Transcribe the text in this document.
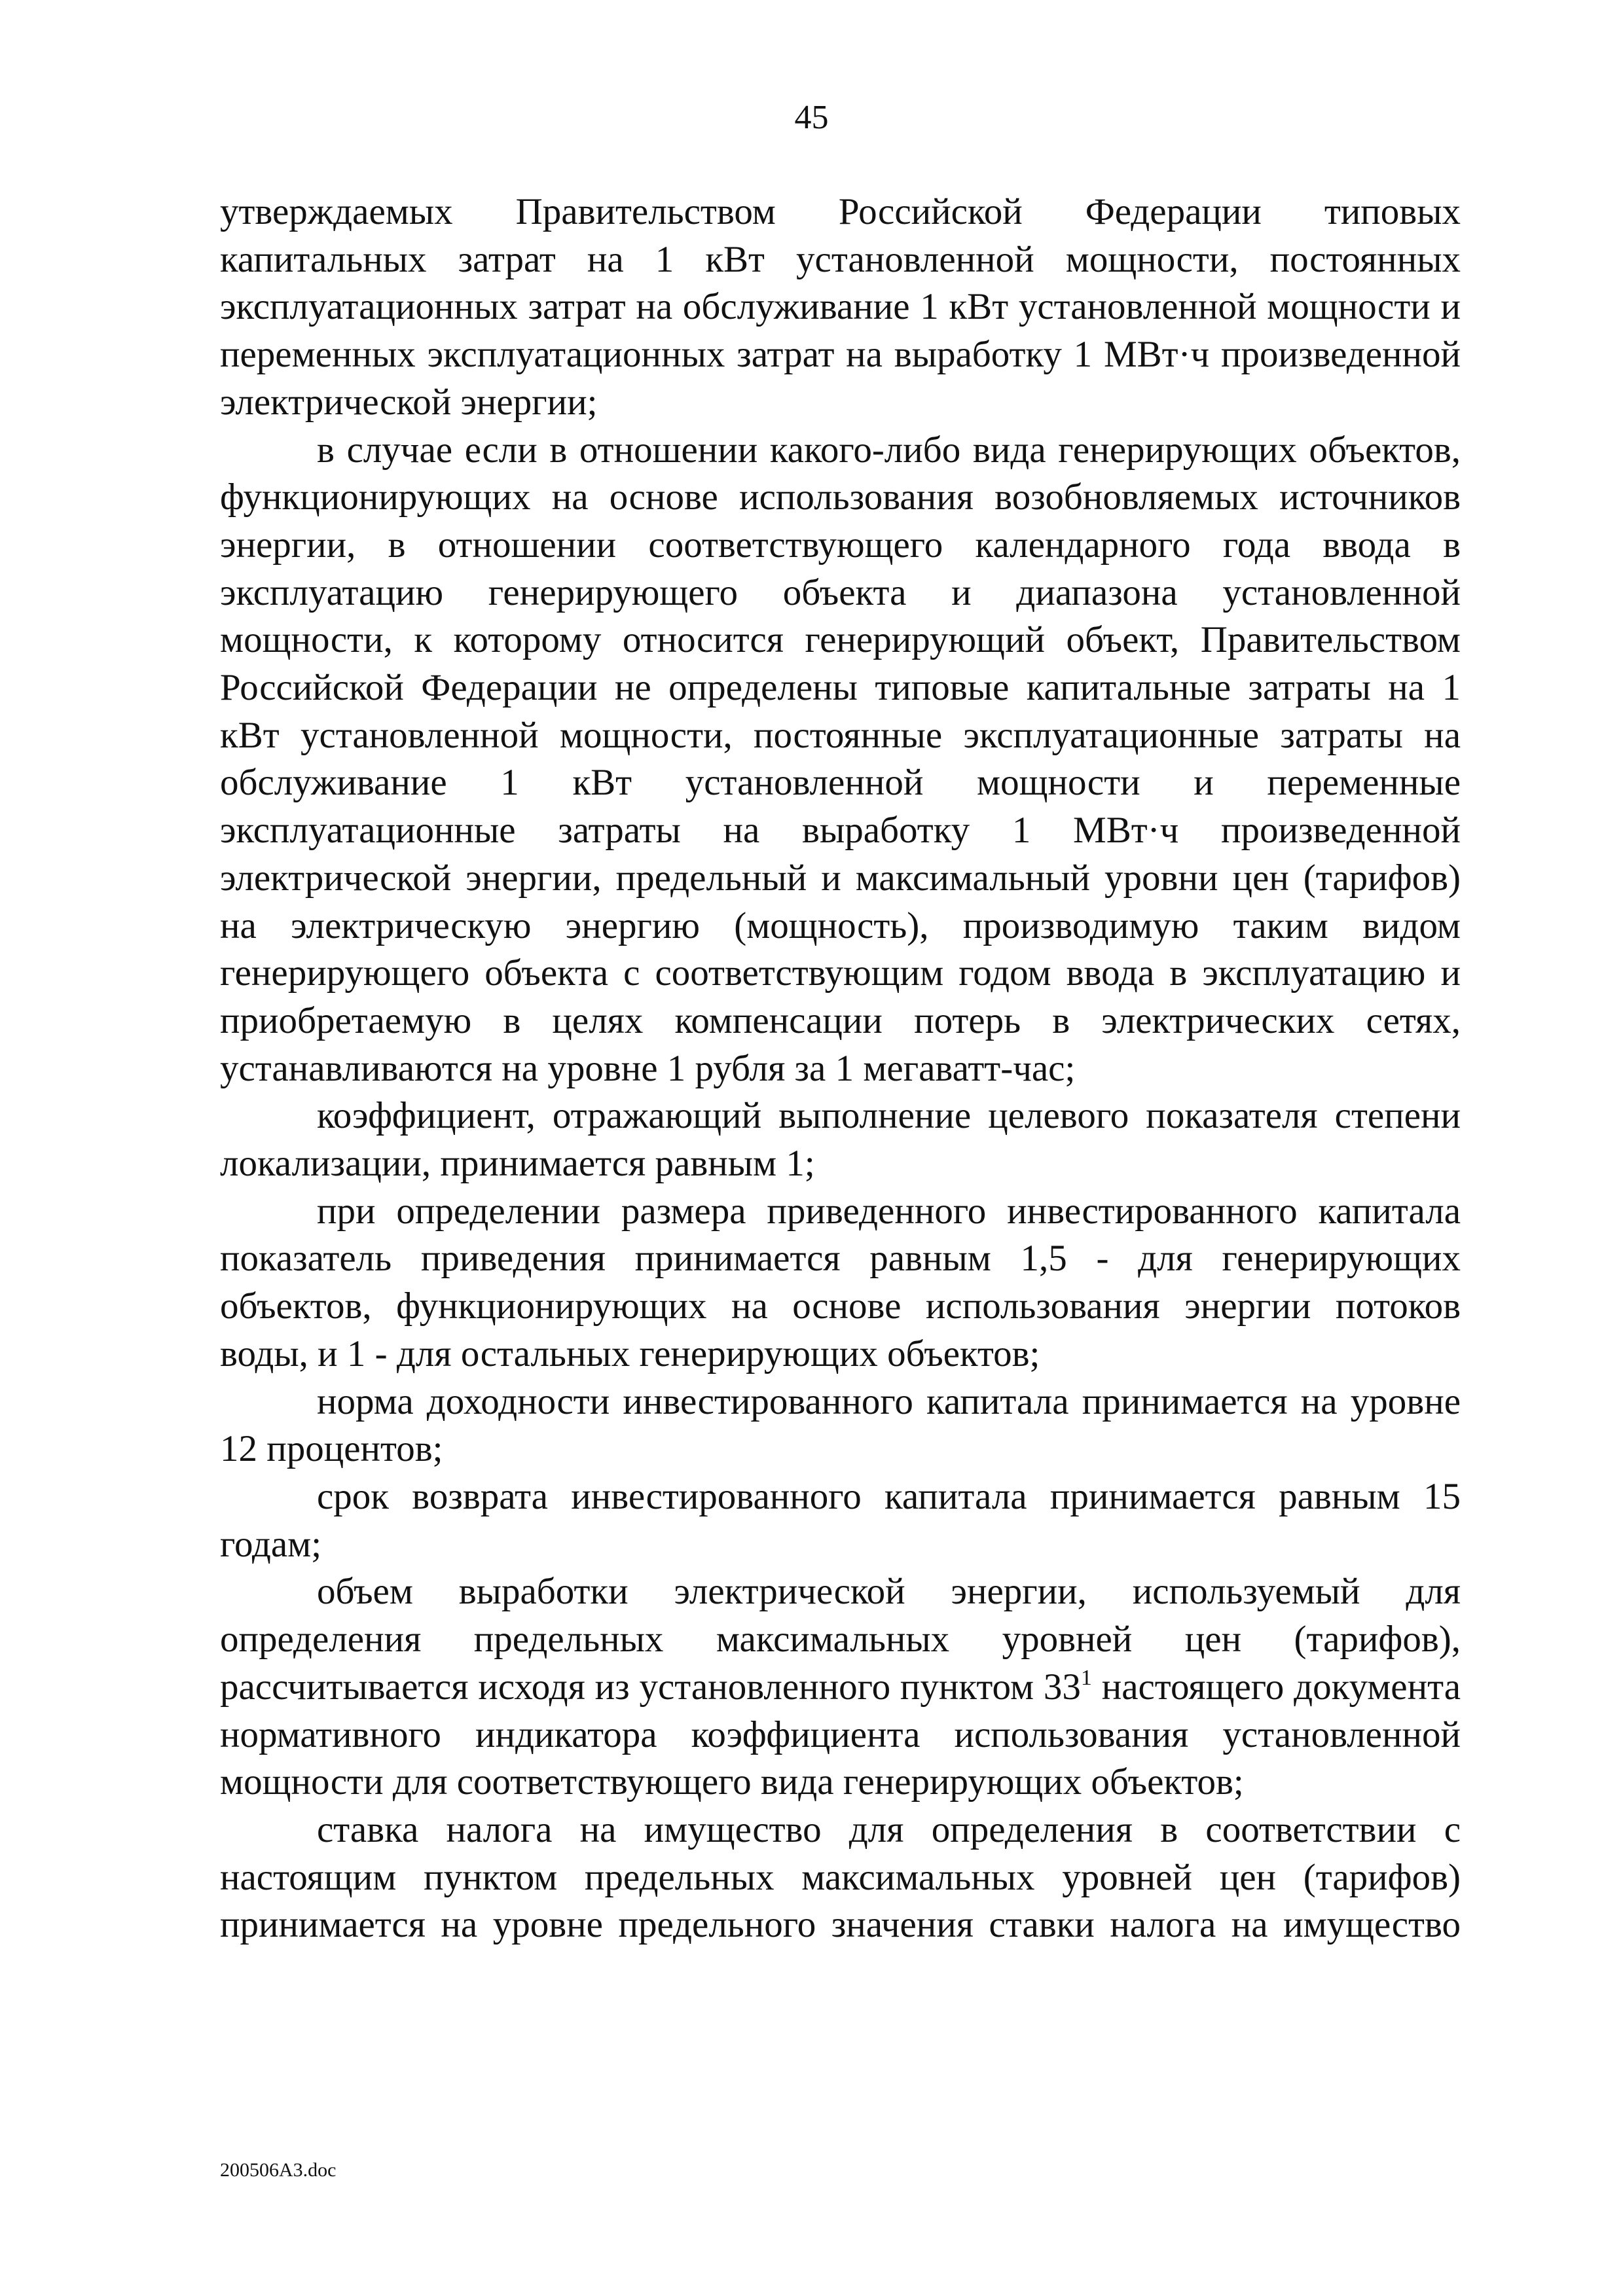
45

утверждаемых Правительством Российской Федерации типовых капитальных затрат на 1 кВт установленной мощности, постоянных эксплуатационных затрат на обслуживание 1 кВт установленной мощности и переменных эксплуатационных затрат на выработку 1 МВт·ч произведенной электрической энергии;

в случае если в отношении какого-либо вида генерирующих объектов, функционирующих на основе использования возобновляемых источников энергии, в отношении соответствующего календарного года ввода в эксплуатацию генерирующего объекта и диапазона установленной мощности, к которому относится генерирующий объект, Правительством Российской Федерации не определены типовые капитальные затраты на 1 кВт установленной мощности, постоянные эксплуатационные затраты на обслуживание 1 кВт установленной мощности и переменные эксплуатационные затраты на выработку 1 МВт·ч произведенной электрической энергии, предельный и максимальный уровни цен (тарифов) на электрическую энергию (мощность), производимую таким видом генерирующего объекта с соответствующим годом ввода в эксплуатацию и приобретаемую в целях компенсации потерь в электрических сетях, устанавливаются на уровне 1 рубля за 1 мегаватт-час;

коэффициент, отражающий выполнение целевого показателя степени локализации, принимается равным 1;

при определении размера приведенного инвестированного капитала показатель приведения принимается равным 1,5 - для генерирующих объектов, функционирующих на основе использования энергии потоков воды, и 1 - для остальных генерирующих объектов;

норма доходности инвестированного капитала принимается на уровне 12 процентов;

срок возврата инвестированного капитала принимается равным 15 годам;

объем выработки электрической энергии, используемый для определения предельных максимальных уровней цен (тарифов), рассчитывается исходя из установленного пунктом $33^1$ настоящего документа нормативного индикатора коэффициента использования установленной мощности для соответствующего вида генерирующих объектов;

ставка налога на имущество для определения в соответствии с настоящим пунктом предельных максимальных уровней цен (тарифов) принимается на уровне предельного значения ставки налога на имущество

200506A3.doc
